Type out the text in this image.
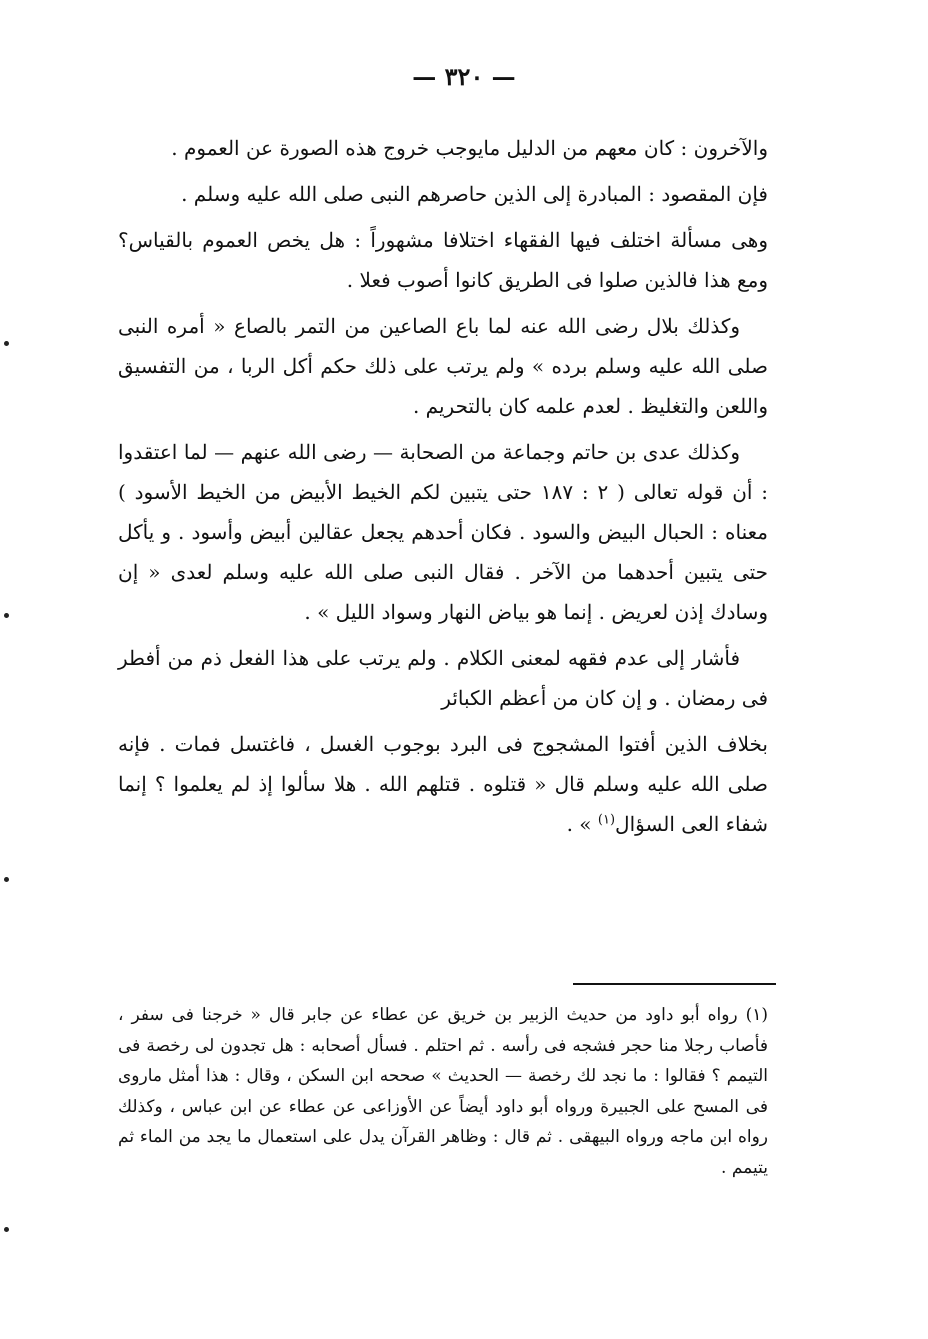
— ٣٢٠ —

والآخرون : كان معهم من الدليل مايوجب خروج هذه الصورة عن العموم .

فإن المقصود : المبادرة إلى الذين حاصرهم النبى صلى الله عليه وسلم .

وهى مسألة اختلف فيها الفقهاء اختلافا مشهوراً : هل يخص العموم بالقياس؟ ومع هذا فالذين صلوا فى الطريق كانوا أصوب فعلا .

وكذلك بلال رضى الله عنه لما باع الصاعين من التمر بالصاع « أمره النبى صلى الله عليه وسلم برده » ولم يرتب على ذلك حكم أكل الربا ، من التفسيق واللعن والتغليظ . لعدم علمه كان بالتحريم .

وكذلك عدى بن حاتم وجماعة من الصحابة — رضى الله عنهم — لما اعتقدوا : أن قوله تعالى ( ٢ : ١٨٧ حتى يتبين لكم الخيط الأبيض من الخيط الأسود ) معناه : الحبال البيض والسود . فكان أحدهم يجعل عقالين أبيض وأسود . و يأكل حتى يتبين أحدهما من الآخر . فقال النبى صلى الله عليه وسلم لعدى « إن وسادك إذن لعريض . إنما هو بياض النهار وسواد الليل » .

فأشار إلى عدم فقهه لمعنى الكلام . ولم يرتب على هذا الفعل ذم من أفطر فى رمضان . و إن كان من أعظم الكبائر

بخلاف الذين أفتوا المشجوج فى البرد بوجوب الغسل ، فاغتسل فمات . فإنه صلى الله عليه وسلم قال « قتلوه . قتلهم الله . هلا سألوا إذ لم يعلموا ؟ إنما شفاء العى السؤال$^{(١)}$ » .

(١) رواه أبو داود من حديث الزبير بن خريق عن عطاء عن جابر قال « خرجنا فى سفر ، فأصاب رجلا منا حجر فشجه فى رأسه . ثم احتلم . فسأل أصحابه : هل تجدون لى رخصة فى التيمم ؟ فقالوا : ما نجد لك رخصة — الحديث » صححه ابن السكن ، وقال : هذا أمثل ماروى فى المسح على الجبيرة ورواه أبو داود أيضاً عن الأوزاعى عن عطاء عن ابن عباس ، وكذلك رواه ابن ماجه ورواه البيهقى . ثم قال : وظاهر القرآن يدل على استعمال ما يجد من الماء ثم يتيمم .
